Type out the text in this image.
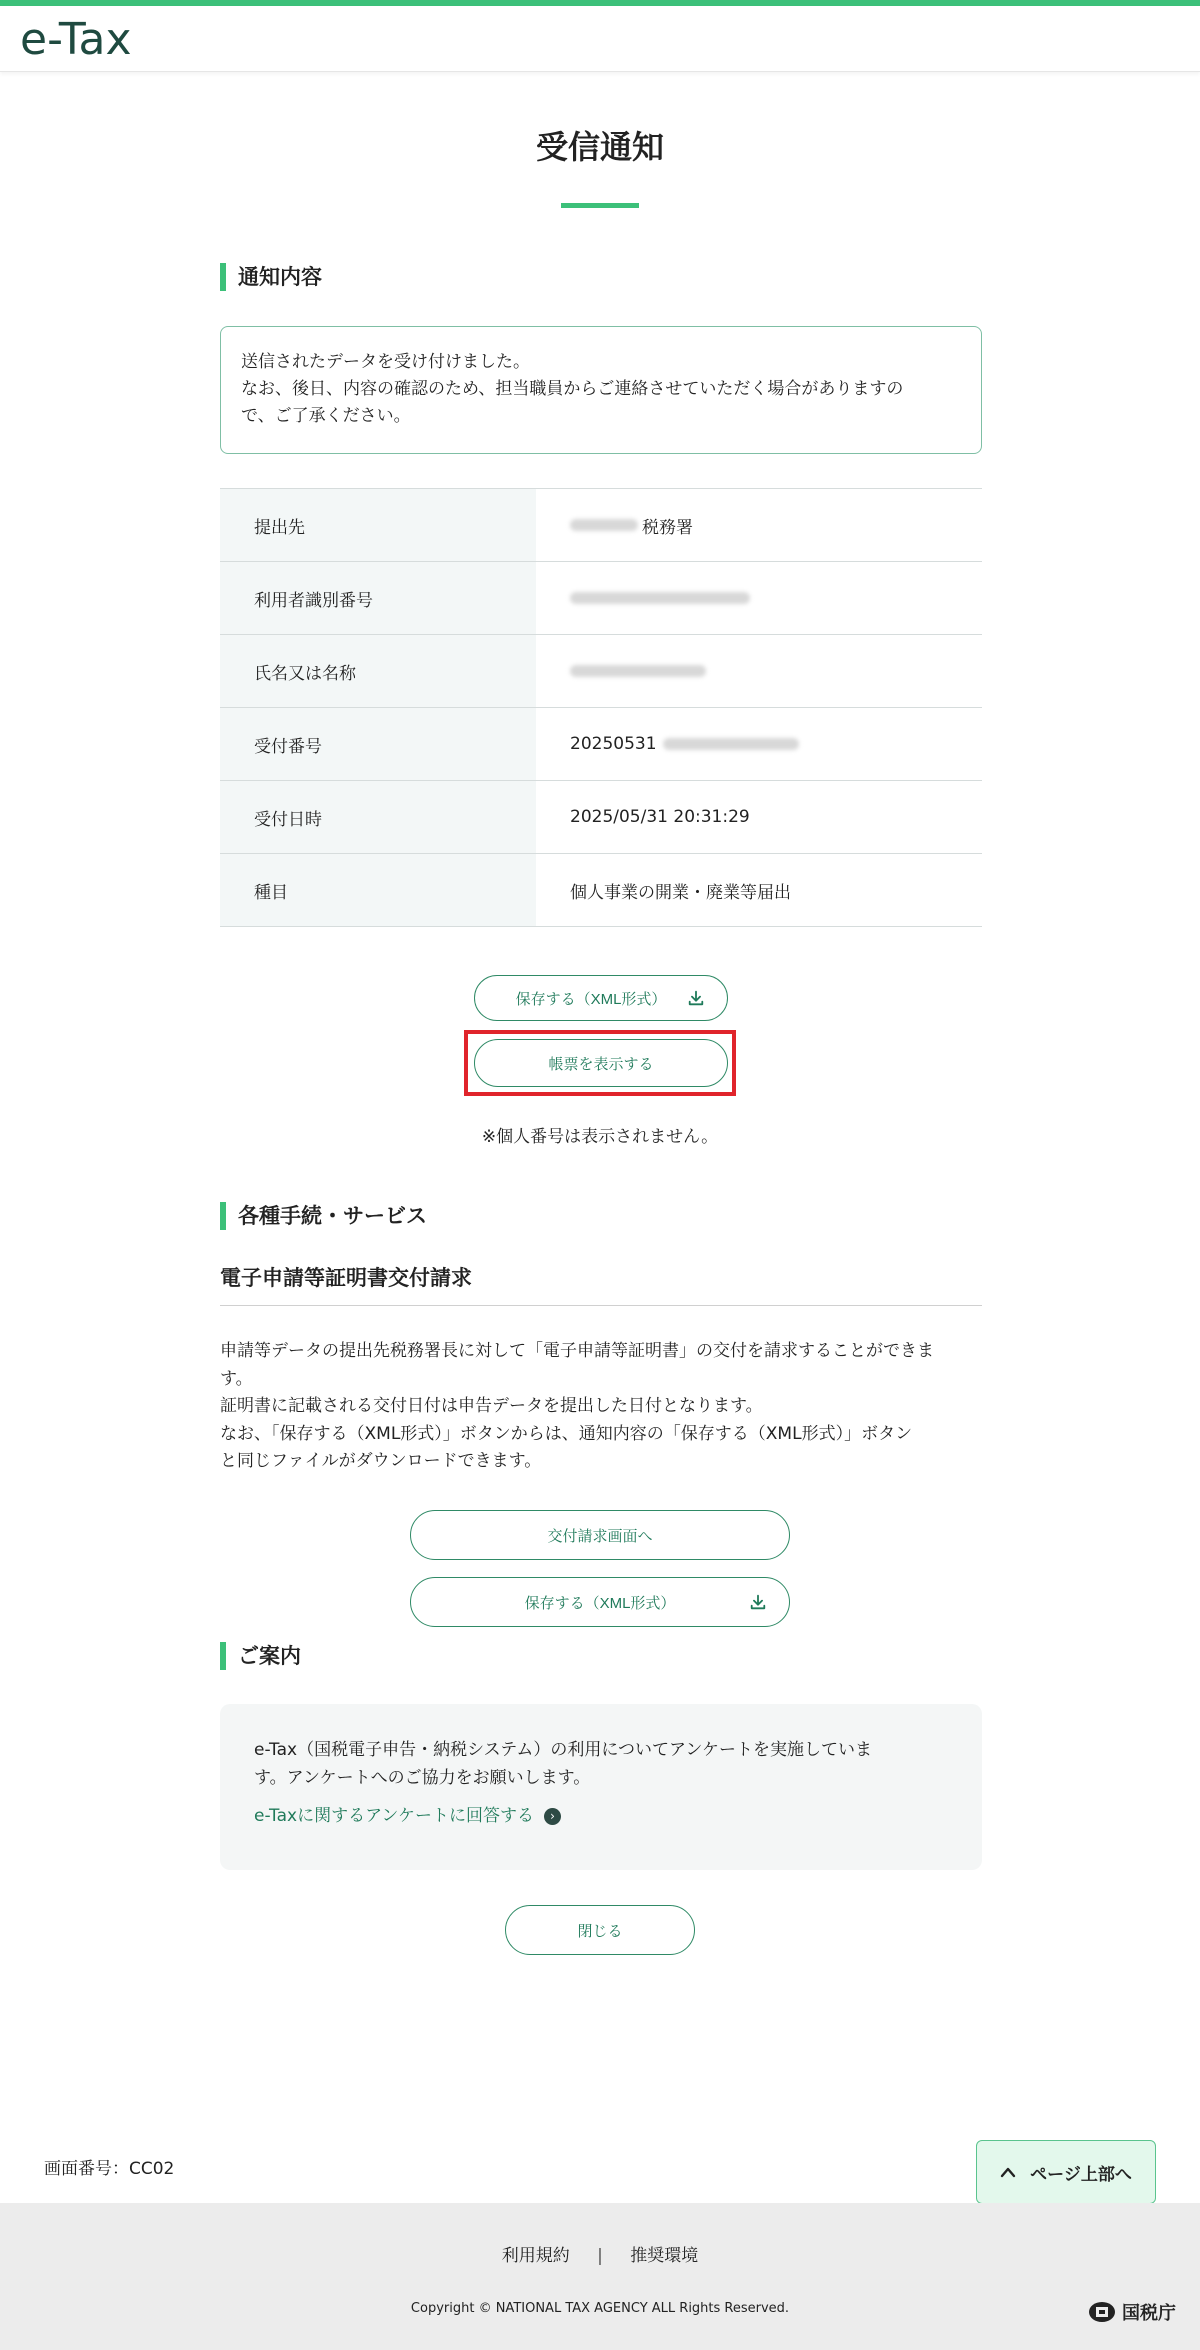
e-Tax
受信通知
通知内容

送信されたデータを受け付けました。

なお、後日、内容の確認のため、担当職員からご連絡させていただく場合がありますの

で、ご了承ください。

提出先	税務署
利用者識別番号
氏名又は名称
受付番号	20250531
受付日時	2025/05/31 20:31:29
種目	個人事業の開業・廃業等届出
保存する（XML形式）
帳票を表示する
※個人番号は表示されません。
各種手続・サービス
電子申請等証明書交付請求

申請等データの提出先税務署長に対して「電子申請等証明書」の交付を請求することができま

す。

証明書に記載される交付日付は申告データを提出した日付となります。

なお、「保存する（XML形式）」ボタンからは、通知内容の「保存する（XML形式）」ボタン

と同じファイルがダウンロードできます。

交付請求画面へ
保存する（XML形式）
ご案内
e-Tax（国税電子申告・納税システム）の利用についてアンケートを実施していま
す。アンケートへのご協力をお願いします。
e-Taxに関するアンケートに回答する	›
閉じる
画面番号：CC02	ページ上部へ
利用規約 | 推奨環境
Copyright © NATIONAL TAX AGENCY ALL Rights Reserved.	国税庁
